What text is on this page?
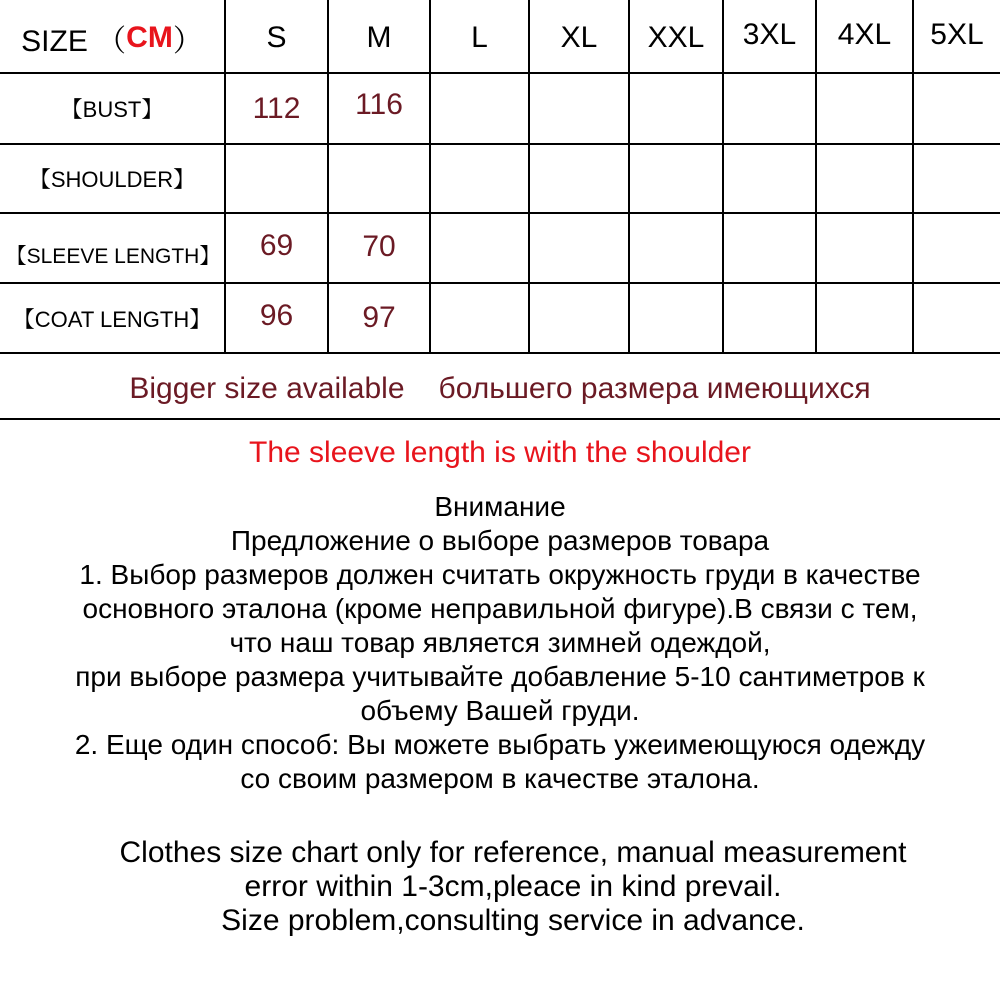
SIZE （ CM ）	S	M	L	XL	XXL	3XL	4XL	5XL
【BUST】	112	116
【SHOULDER】
【SLEEVE LENGTH】	69	70
【COAT LENGTH】	96	97
Bigger size available большего размера имеющихся
The sleeve length is with the shoulder
Внимание
Предложение о выборе размеров товара
1. Выбор размеров должен считать окружность груди в качестве
основного эталона (кроме неправильной фигуре).В связи с тем,
что наш товар является зимней одеждой,
при выборе размера учитывайте добавление 5-10 сантиметров к
объему Вашей груди.
2. Еще один способ: Вы можете выбрать ужеимеющуюся одежду
со своим размером в качестве эталона.
Clothes size chart only for reference, manual measurement
error within 1-3cm,pleace in kind prevail.
Size problem,consulting service in advance.
